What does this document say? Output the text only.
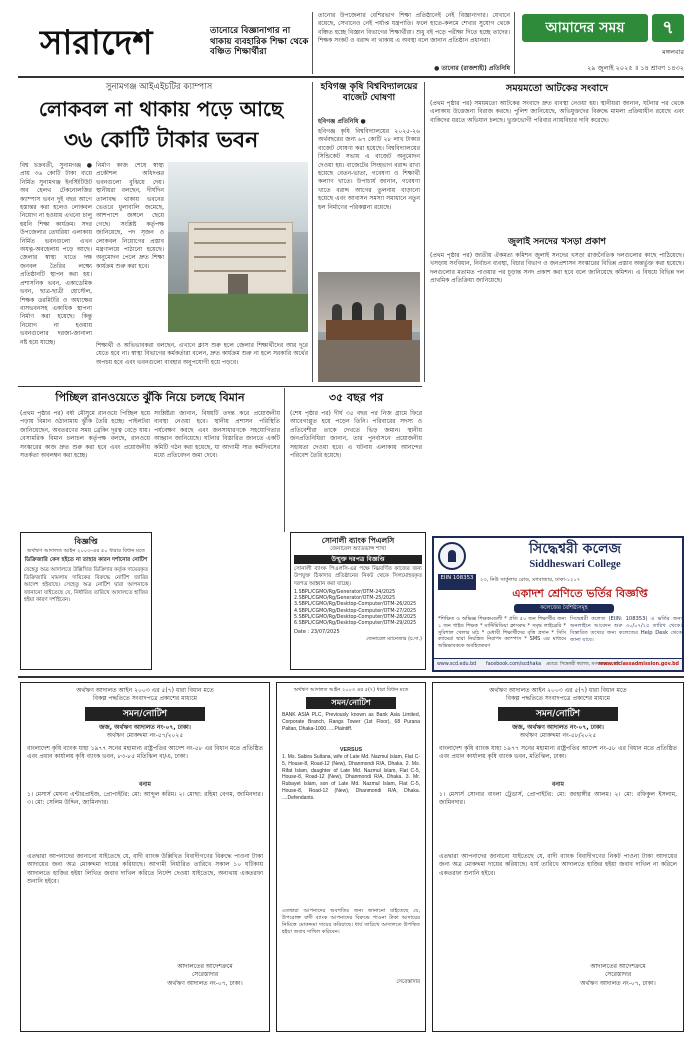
সারাদেশ	তানোরে বিজ্ঞানাগার না থাকায় ব্যবহারিক শিক্ষা থেকে বঞ্চিত শিক্ষার্থীরা
তানোর উপজেলার বেশিরভাগ শিক্ষা প্রতিষ্ঠানেই নেই বিজ্ঞানাগার। যেখানে রয়েছে, সেখানেও নেই পর্যাপ্ত যন্ত্রপাতি। ফলে হাতে-কলমে শেখার সুযোগ থেকে বঞ্চিত হচ্ছে বিজ্ঞান বিভাগের শিক্ষার্থীরা। শুধু বই পড়ে পরীক্ষা দিতে হচ্ছে তাদের। শিক্ষক সংকট ও বরাদ্দ না থাকায় এ অবস্থা বলে জানান প্রতিষ্ঠান প্রধানরা।
● তানোর (রাজশাহী) প্রতিনিধি
আমাদের সময়	৭
মঙ্গলবার
২৯ জুলাই ২০২৫ ॥ ১৪ শ্রাবণ ১৪৩২
সুনামগঞ্জ আইএইচটির ক্যাম্পাস
লোকবল না থাকায় পড়ে আছে
৩৬ কোটি টাকার ভবন
বিশ্ব চক্রবর্তী, সুনামগঞ্জ ● প্রায় ৩৬ কোটি টাকা ব্যয়ে নির্মিত সুনামগঞ্জ ইনস্টিটিউট অব হেলথ টেকনোলজির ক্যাম্পাস ভবন দুই বছর আগে হস্তান্তর করা হলেও লোকবল নিয়োগ না হওয়ায় এখনো চালু হয়নি শিক্ষা কার্যক্রম। সদর উপজেলার তেঘরিয়া এলাকায় নির্মিত ভবনগুলো এখন অযত্ন-অবহেলায় পড়ে আছে। জেলার স্বাস্থ্য খাতে দক্ষ জনবল তৈরির লক্ষ্যে প্রতিষ্ঠানটি স্থাপন করা হয়। প্রশাসনিক ভবন, একাডেমিক ভবন, ছাত্র-ছাত্রী হোস্টেল, শিক্ষক ডরমিটরি ও অধ্যক্ষের বাসভবনসহ একাধিক স্থাপনা নির্মাণ করা হয়েছে। কিন্তু নিয়োগ না হওয়ায় ভবনগুলোর দরজা-জানালা নষ্ট হয়ে যাচ্ছে।
নির্মাণ কাজ শেষে স্বাস্থ্য প্রকৌশল অধিদপ্তর ভবনগুলো বুঝিয়ে দেয়। স্থানীয়রা বলছেন, দীর্ঘদিন তালাবদ্ধ থাকায় ভবনের ভেতরে ধুলাবালি জমেছে, আশপাশে জঙ্গলে ছেয়ে গেছে। সংশ্লিষ্ট কর্তৃপক্ষ জানিয়েছে, পদ সৃজন ও লোকবল নিয়োগের প্রস্তাব মন্ত্রণালয়ে পাঠানো হয়েছে। অনুমোদন পেলে দ্রুত শিক্ষা কার্যক্রম শুরু করা হবে।
শিক্ষার্থী ও অভিভাবকরা বলছেন, এখানে ক্লাস শুরু হলে জেলার শিক্ষার্থীদের আর দূরে যেতে হবে না। স্বাস্থ্য বিভাগের কর্মকর্তারা বলেন, দ্রুত কার্যক্রম শুরু না হলে সরকারি অর্থের অপচয় হবে এবং ভবনগুলো ব্যবহার অনুপযোগী হয়ে পড়বে।
হবিগঞ্জ কৃষি বিশ্ববিদ্যালয়ের বাজেট ঘোষণা
হবিগঞ্জ প্রতিনিধি ●
হবিগঞ্জ কৃষি বিশ্ববিদ্যালয়ের ২০২৫-২৬ অর্থবছরের জন্য ৬৭ কোটি ২৮ লাখ টাকার বাজেট ঘোষণা করা হয়েছে। বিশ্ববিদ্যালয়ের সিন্ডিকেট সভায় এ বাজেট অনুমোদন দেওয়া হয়। বাজেটের সিংহভাগ বরাদ্দ রাখা হয়েছে বেতন-ভাতা, গবেষণা ও শিক্ষার্থী কল্যাণ খাতে। উপাচার্য জানান, গবেষণা খাতে বরাদ্দ আগের তুলনায় বাড়ানো হয়েছে এবং আবাসন সমস্যা সমাধানে নতুন হল নির্মাণের পরিকল্পনা রয়েছে।
সময়মতো আটকের সংবাদে
(প্রথম পৃষ্ঠার পর) সময়মতো আটকের সংবাদে দ্রুত ব্যবস্থা নেওয়া হয়। স্থানীয়রা জানান, ঘটনার পর থেকে এলাকায় উত্তেজনা বিরাজ করছে। পুলিশ জানিয়েছে, অভিযুক্তদের বিরুদ্ধে মামলা প্রক্রিয়াধীন রয়েছে এবং বাকিদের ধরতে অভিযান চলছে। ভুক্তভোগী পরিবার ন্যায়বিচার দাবি করেছে।
জুলাই সনদের খসড়া প্রকাশ
(প্রথম পৃষ্ঠার পর) জাতীয় ঐকমত্য কমিশন জুলাই সনদের খসড়া রাজনৈতিক দলগুলোর কাছে পাঠিয়েছে। খসড়ায় সংবিধান, নির্বাচন ব্যবস্থা, বিচার বিভাগ ও জনপ্রশাসন সংস্কারের বিভিন্ন প্রস্তাব অন্তর্ভুক্ত করা হয়েছে। দলগুলোর মতামত পাওয়ার পর চূড়ান্ত সনদ প্রকাশ করা হবে বলে জানিয়েছে কমিশন। এ বিষয়ে বিভিন্ন দল প্রাথমিক প্রতিক্রিয়া জানিয়েছে।
পিচ্ছিল রানওয়েতে ঝুঁকি নিয়ে চলছে বিমান
(প্রথম পৃষ্ঠার পর) বর্ষা মৌসুমে রানওয়ে পিচ্ছিল হয়ে পড়ায় বিমান ওঠানামায় ঝুঁকি তৈরি হচ্ছে। পাইলটরা জানিয়েছেন, অবতরণের সময় ব্রেকিং দূরত্ব বেড়ে যায়। বেসামরিক বিমান চলাচল কর্তৃপক্ষ বলছে, রানওয়ে সংস্কারের কাজ দ্রুত শুরু করা হবে এবং প্রয়োজনীয় সতর্কতা অবলম্বন করা হচ্ছে।
সংশ্লিষ্টরা জানান, বিষয়টি তদন্ত করে প্রয়োজনীয় ব্যবস্থা নেওয়া হবে। স্থানীয় প্রশাসন পরিস্থিতি পর্যবেক্ষণ করছে এবং জনসাধারণকে সহযোগিতার আহ্বান জানিয়েছে। ঘটনার বিস্তারিত জানতে একটি কমিটি গঠন করা হয়েছে, যা আগামী সাত কর্মদিবসের মধ্যে প্রতিবেদন জমা দেবে।
৩৫ বছর পর
(শেষ পৃষ্ঠার পর) দীর্ঘ ৩৫ বছর পর নিজ গ্রামে ফিরে আবেগাপ্লুত হয়ে পড়েন তিনি। পরিবারের সদস্য ও প্রতিবেশীরা তাকে দেখতে ভিড় জমান। স্থানীয় জনপ্রতিনিধিরা জানান, তার পুনর্বাসনে প্রয়োজনীয় সহায়তা দেওয়া হবে। এ ঘটনায় এলাকায় আনন্দের পরিবেশ তৈরি হয়েছে।
বিজ্ঞপ্তি
অর্থঋণ আদালত আইন ২০০৩-এর ৫০ ধারার বিধান মতে
ডিক্রিজারি কেস হইতে না তাহার কারন দর্শানোর নোটিশ
যেহেতু অত্র আদালতে উল্লিখিত ডিক্রিদার কর্তৃক দায়েরকৃত ডিক্রিজারি মামলায় দায়িকের বিরুদ্ধে নোটিশ জারির আদেশ হইয়াছে। সেহেতু অত্র নোটিশ দ্বারা আপনাকে জানানো যাইতেছে যে, নির্ধারিত তারিখে আদালতে হাজির হইয়া কারণ দর্শাইবেন।
সোনালী ব্যাংক পিএলসি
জেনারেল অ্যাডভান্স শাখা
উন্মুক্ত দরপত্র বিজ্ঞপ্তি
সোনালী ব্যাংক পিএলসি-এর পক্ষে নিম্নবর্ণিত কাজের জন্য উপযুক্ত ঠিকাদার প্রতিষ্ঠানের নিকট থেকে সিলমোহরকৃত দরপত্র আহ্বান করা যাচ্ছে।
1.SBPL/CGMO/Rg/Generator/OTM-24/2025
2.SBPL/CGMO/Rg/Generator/OTM-25/2025
3.SBPL/CGMO/Rg/Desktop-Computer/OTM-26/2025
4.SBPL/CGMO/Rg/Desktop-Computer/OTM-27/2025
5.SBPL/CGMO/Rg/Desktop-Computer/OTM-28/2025
6.SBPL/CGMO/Rg/Desktop-Computer/OTM-29/2025
Date : 23/07/2025
জেনারেল ম্যানেজার (চ.দা.)
সিদ্ধেশ্বরী কলেজ
Siddheswari College
EIIN 108353	২৩, নিউ সার্কুলার রোড, মগবাজার, ঢাকা-১২১৭
একাদশ শ্রেণিতে ভর্তির বিজ্ঞপ্তি
কলেজের বৈশিষ্ট্যসমূহ
*শিক্ষিত ও অভিজ্ঞ শিক্ষকমণ্ডলী * প্রতি ৫০ জন শিক্ষার্থীর জন্য ১ জন গাইড শিক্ষক * মাল্টিমিডিয়া ক্লাসরুম * সমৃদ্ধ লাইব্রেরি * সুবিশাল খেলার মাঠ * মেধাবী শিক্ষার্থীদের বৃত্তি প্রদান * সিসি ক্যামেরা দ্বারা নিয়ন্ত্রিত নিরাপদ ক্যাম্পাস * SMS এর মাধ্যমে অভিভাবককে অবহিতকরণ
সিদ্ধেশ্বরী কলেজ (EIIN: 108353) এ ভর্তির জন্য অনলাইনে আবেদন শুরু ৩০/০৭/২৫ তারিখ থেকে। বিস্তারিত তথ্যের জন্য কলেজের Help Desk থেকে জানা যাবে।
www.scd.edu.bd facebook.com/scdhaka প্রচারে: সিদ্ধেশ্বরী কলেজ, মগবাজার, ঢাকা
www.xiclassadmission.gov.bd
অর্থঋণ আদালত আইন ২০০৩ এর ৫(৭) ধারা বিধান মতে
বিকল্প পদ্ধতিতে সংবাদপত্রে প্রকাশের মাধ্যমে
সমন/নোটিশ
জজ, অর্থঋণ আদালত নং-০৭, ঢাকা।
অর্থঋণ মোকদ্দমা নং-৫৭/২০২৫
বাংলাদেশ কৃষি ব্যাংক যাহা ১৯৭৭ সনের মহামান্য রাষ্ট্রপতির আদেশ নং-৫৮ এর বিধান মতে প্রতিষ্ঠিত এবং প্রধান কার্যালয় কৃষি ব্যাংক ভবন, ৮৩-৮৫ মতিঝিল বা/এ, ঢাকা।
বনাম
১। মেসার্স মেঘনা এন্টারপ্রাইজ, প্রোপাইটর: মো: আব্দুল করিম। ২। মোছা: রহিমা বেগম, জামিনদার। ৩। মো: সেলিম উদ্দিন, জামিনদার।
এতদ্বারা আপনাদের জানানো যাইতেছে যে, বাদী ব্যাংক উল্লিখিত বিবাদীগণের বিরুদ্ধে পাওনা টাকা আদায়ের জন্য অত্র মোকদ্দমা দায়ের করিয়াছে। আগামী নির্ধারিত তারিখে সকাল ১০ ঘটিকায় আদালতে হাজির হইয়া লিখিত জবাব দাখিল করিতে নির্দেশ দেওয়া যাইতেছে, অন্যথায় একতরফা শুনানি হইবে।
আদালতের আদেশক্রমে
সেরেস্তাদার
অর্থঋণ আদালত নং-০৭, ঢাকা।
অর্থঋণ আদালত আইন ২০০৩ এর ৫(৭) ধারা বিধান মতে
সমন/নোটিশ
BANK ASIA PLC, Previously known as Bank Asia Limited, Corporate Branch, Rangs Tower (1st Floor), 68 Purana Paltan, Dhaka-1000. ....Plaintiff.
VERSUS
1. Ms. Sabira Sultana, wife of Late Md. Nazmul Islam, Flat C-5, House-8, Road-12 (New), Dhanmondi R/A, Dhaka. 2. Ms. Rifat Islam, daughter of Late Md. Nazmul Islam, Flat C-5, House-8, Road-12 (New), Dhanmondi R/A, Dhaka. 3. Mr. Rubayet Islam, son of Late Md. Nazmul Islam, Flat C-5, House-8, Road-12 (New), Dhanmondi R/A, Dhaka. ....Defendants.
এতদ্বারা আপনাদের অবগতির জন্য জানানো যাইতেছে যে, উপরোক্ত বাদী ব্যাংক আপনাদের বিরুদ্ধে পাওনা টাকা আদায়ের নিমিত্তে মোকদ্দমা দায়ের করিয়াছে। ধার্য তারিখে আদালতে উপস্থিত হইয়া জবাব দাখিল করিবেন।
সেরেস্তাদার
অর্থঋণ আদালত আইন ২০০৩ এর ৫(৭) ধারা বিধান মতে
বিকল্প পদ্ধতিতে সংবাদপত্রে প্রকাশের মাধ্যমে
সমন/নোটিশ
জজ, অর্থঋণ আদালত নং-০৭, ঢাকা।
অর্থঋণ মোকদ্দমা নং-৫৮/২০২৫
বাংলাদেশ কৃষি ব্যাংক যাহা ১৯৭৭ সনের মহামান্য রাষ্ট্রপতির আদেশ নং-৫৮ এর বিধান মতে প্রতিষ্ঠিত এবং প্রধান কার্যালয় কৃষি ব্যাংক ভবন, মতিঝিল, ঢাকা।
বনাম
১। মেসার্স সোনার বাংলা ট্রেডার্স, প্রোপাইটর: মো: জাহাঙ্গীর আলম। ২। মো: রফিকুল ইসলাম, জামিনদার।
এতদ্বারা আপনাদের জানানো যাইতেছে যে, বাদী ব্যাংক বিবাদীগণের নিকট পাওনা টাকা আদায়ের জন্য অত্র মোকদ্দমা দায়ের করিয়াছে। ধার্য তারিখে আদালতে হাজির হইয়া জবাব দাখিল না করিলে একতরফা শুনানি হইবে।
আদালতের আদেশক্রমে
সেরেস্তাদার
অর্থঋণ আদালত নং-০৭, ঢাকা।
